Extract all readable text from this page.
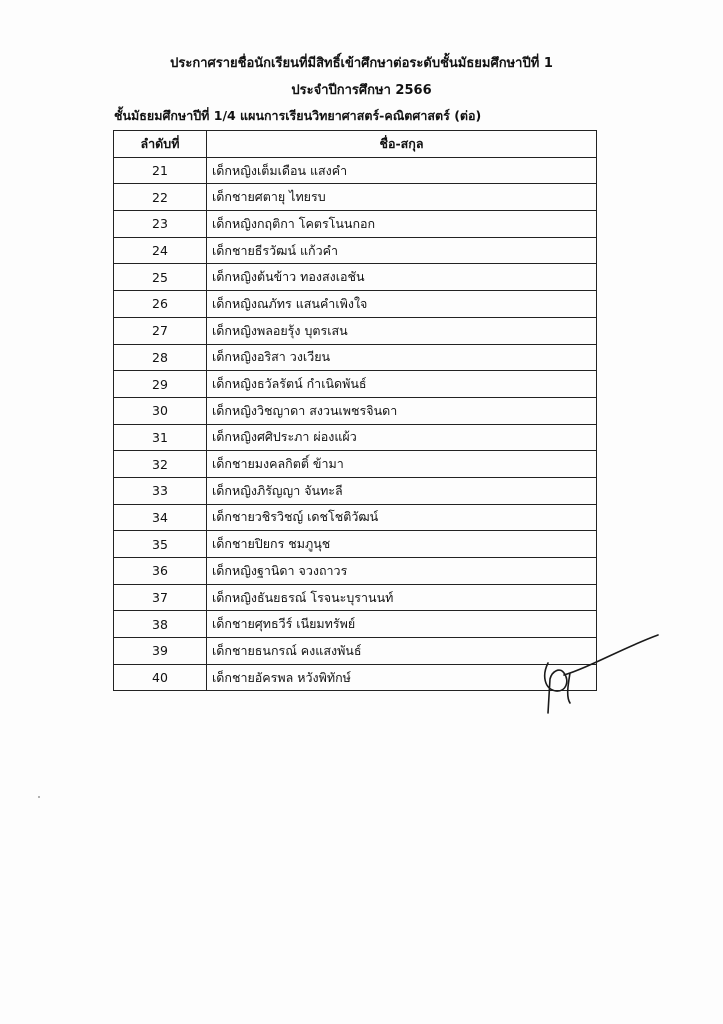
ประกาศรายชื่อนักเรียนที่มีสิทธิ์เข้าศึกษาต่อระดับชั้นมัธยมศึกษาปีที่ 1
ประจำปีการศึกษา 2566
ชั้นมัธยมศึกษาปีที่ 1/4 แผนการเรียนวิทยาศาสตร์-คณิตศาสตร์ (ต่อ)
ลำดับที่	ชื่อ-สกุล
21	เด็กหญิงเต็มเดือน แสงคำ
22	เด็กชายศตายุ ไทยรบ
23	เด็กหญิงกฤติกา โคตรโนนกอก
24	เด็กชายธีรวัฒน์ แก้วคำ
25	เด็กหญิงต้นข้าว ทองสงเอชัน
26	เด็กหญิงณภัทร แสนคำเพิงใจ
27	เด็กหญิงพลอยรุ้ง บุตรเสน
28	เด็กหญิงอริสา วงเวียน
29	เด็กหญิงธวัลรัตน์ กำเนิดพันธ์
30	เด็กหญิงวิชญาดา สงวนเพชรจินดา
31	เด็กหญิงศศิประภา ผ่องแผ้ว
32	เด็กชายมงคลกิตติ์ ข้ามา
33	เด็กหญิงภิรัญญา จันทะลี
34	เด็กชายวชิรวิชญ์ เดชโชติวัฒน์
35	เด็กชายปิยกร ชมภูนุช
36	เด็กหญิงฐานิดา จวงถาวร
37	เด็กหญิงธันยธรณ์ โรจนะบุรานนท์
38	เด็กชายศุทธวีร์ เนียมทรัพย์
39	เด็กชายธนกรณ์ คงแสงพันธ์
40	เด็กชายอัครพล หวังพิทักษ์
